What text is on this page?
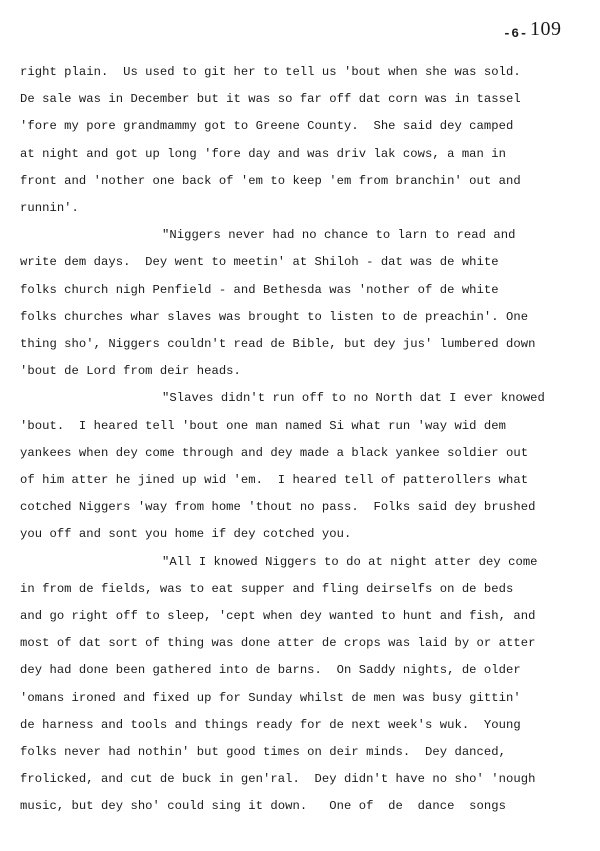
-6- 109
right plain.  Us used to git her to tell us 'bout when she was sold.
De sale was in December but it was so far off dat corn was in tassel
'fore my pore grandmammy got to Greene County.  She said dey camped
at night and got up long 'fore day and was driv lak cows, a man in
front and 'nother one back of 'em to keep 'em from branchin' out and
runnin'.
"Niggers never had no chance to larn to read and
write dem days.  Dey went to meetin' at Shiloh - dat was de white
folks church nigh Penfield - and Bethesda was 'nother of de white
folks churches whar slaves was brought to listen to de preachin'. One
thing sho', Niggers couldn't read de Bible, but dey jus' lumbered down
'bout de Lord from deir heads.
"Slaves didn't run off to no North dat I ever knowed
'bout.  I heared tell 'bout one man named Si what run 'way wid dem
yankees when dey come through and dey made a black yankee soldier out
of him atter he jined up wid 'em.  I heared tell of patterollers what
cotched Niggers 'way from home 'thout no pass.  Folks said dey brushed
you off and sont you home if dey cotched you.
"All I knowed Niggers to do at night atter dey come
in from de fields, was to eat supper and fling deirselfs on de beds
and go right off to sleep, 'cept when dey wanted to hunt and fish, and
most of dat sort of thing was done atter de crops was laid by or atter
dey had done been gathered into de barns.  On Saddy nights, de older
'omans ironed and fixed up for Sunday whilst de men was busy gittin'
de harness and tools and things ready for de next week's wuk.  Young
folks never had nothin' but good times on deir minds.  Dey danced,
frolicked, and cut de buck in gen'ral.  Dey didn't have no sho' 'nough
music, but dey sho' could sing it down.   One of  de  dance  songs
